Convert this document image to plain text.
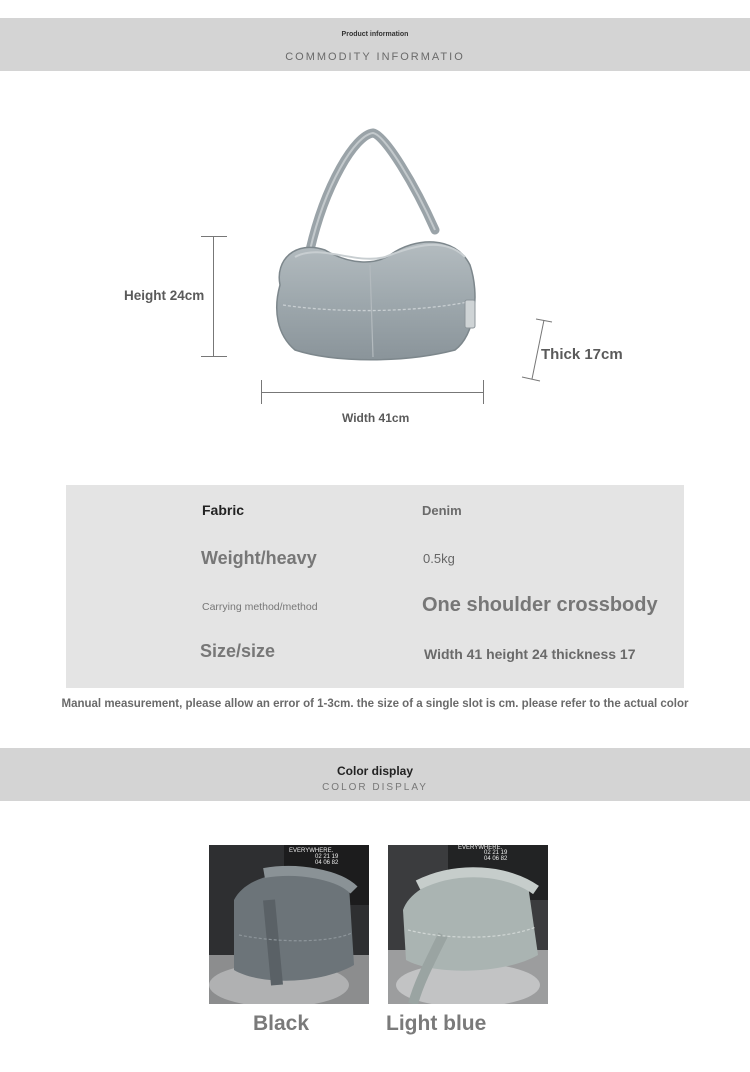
Product information
COMMODITY INFORMATIO
Height 24cm
Width 41cm
Thick 17cm
Fabric	Denim
Weight/heavy	0.5kg
Carrying method/method	One shoulder crossbody
Size/size	Width 41 height 24 thickness 17
Manual measurement, please allow an error of 1-3cm. the size of a single slot is cm. please refer to the actual color
Color display
COLOR DISPLAY
EVERYWHERE.
02 21 19
04 06 82
Black
EVERYWHERE.
02 21 19
04 06 82
Light blue
